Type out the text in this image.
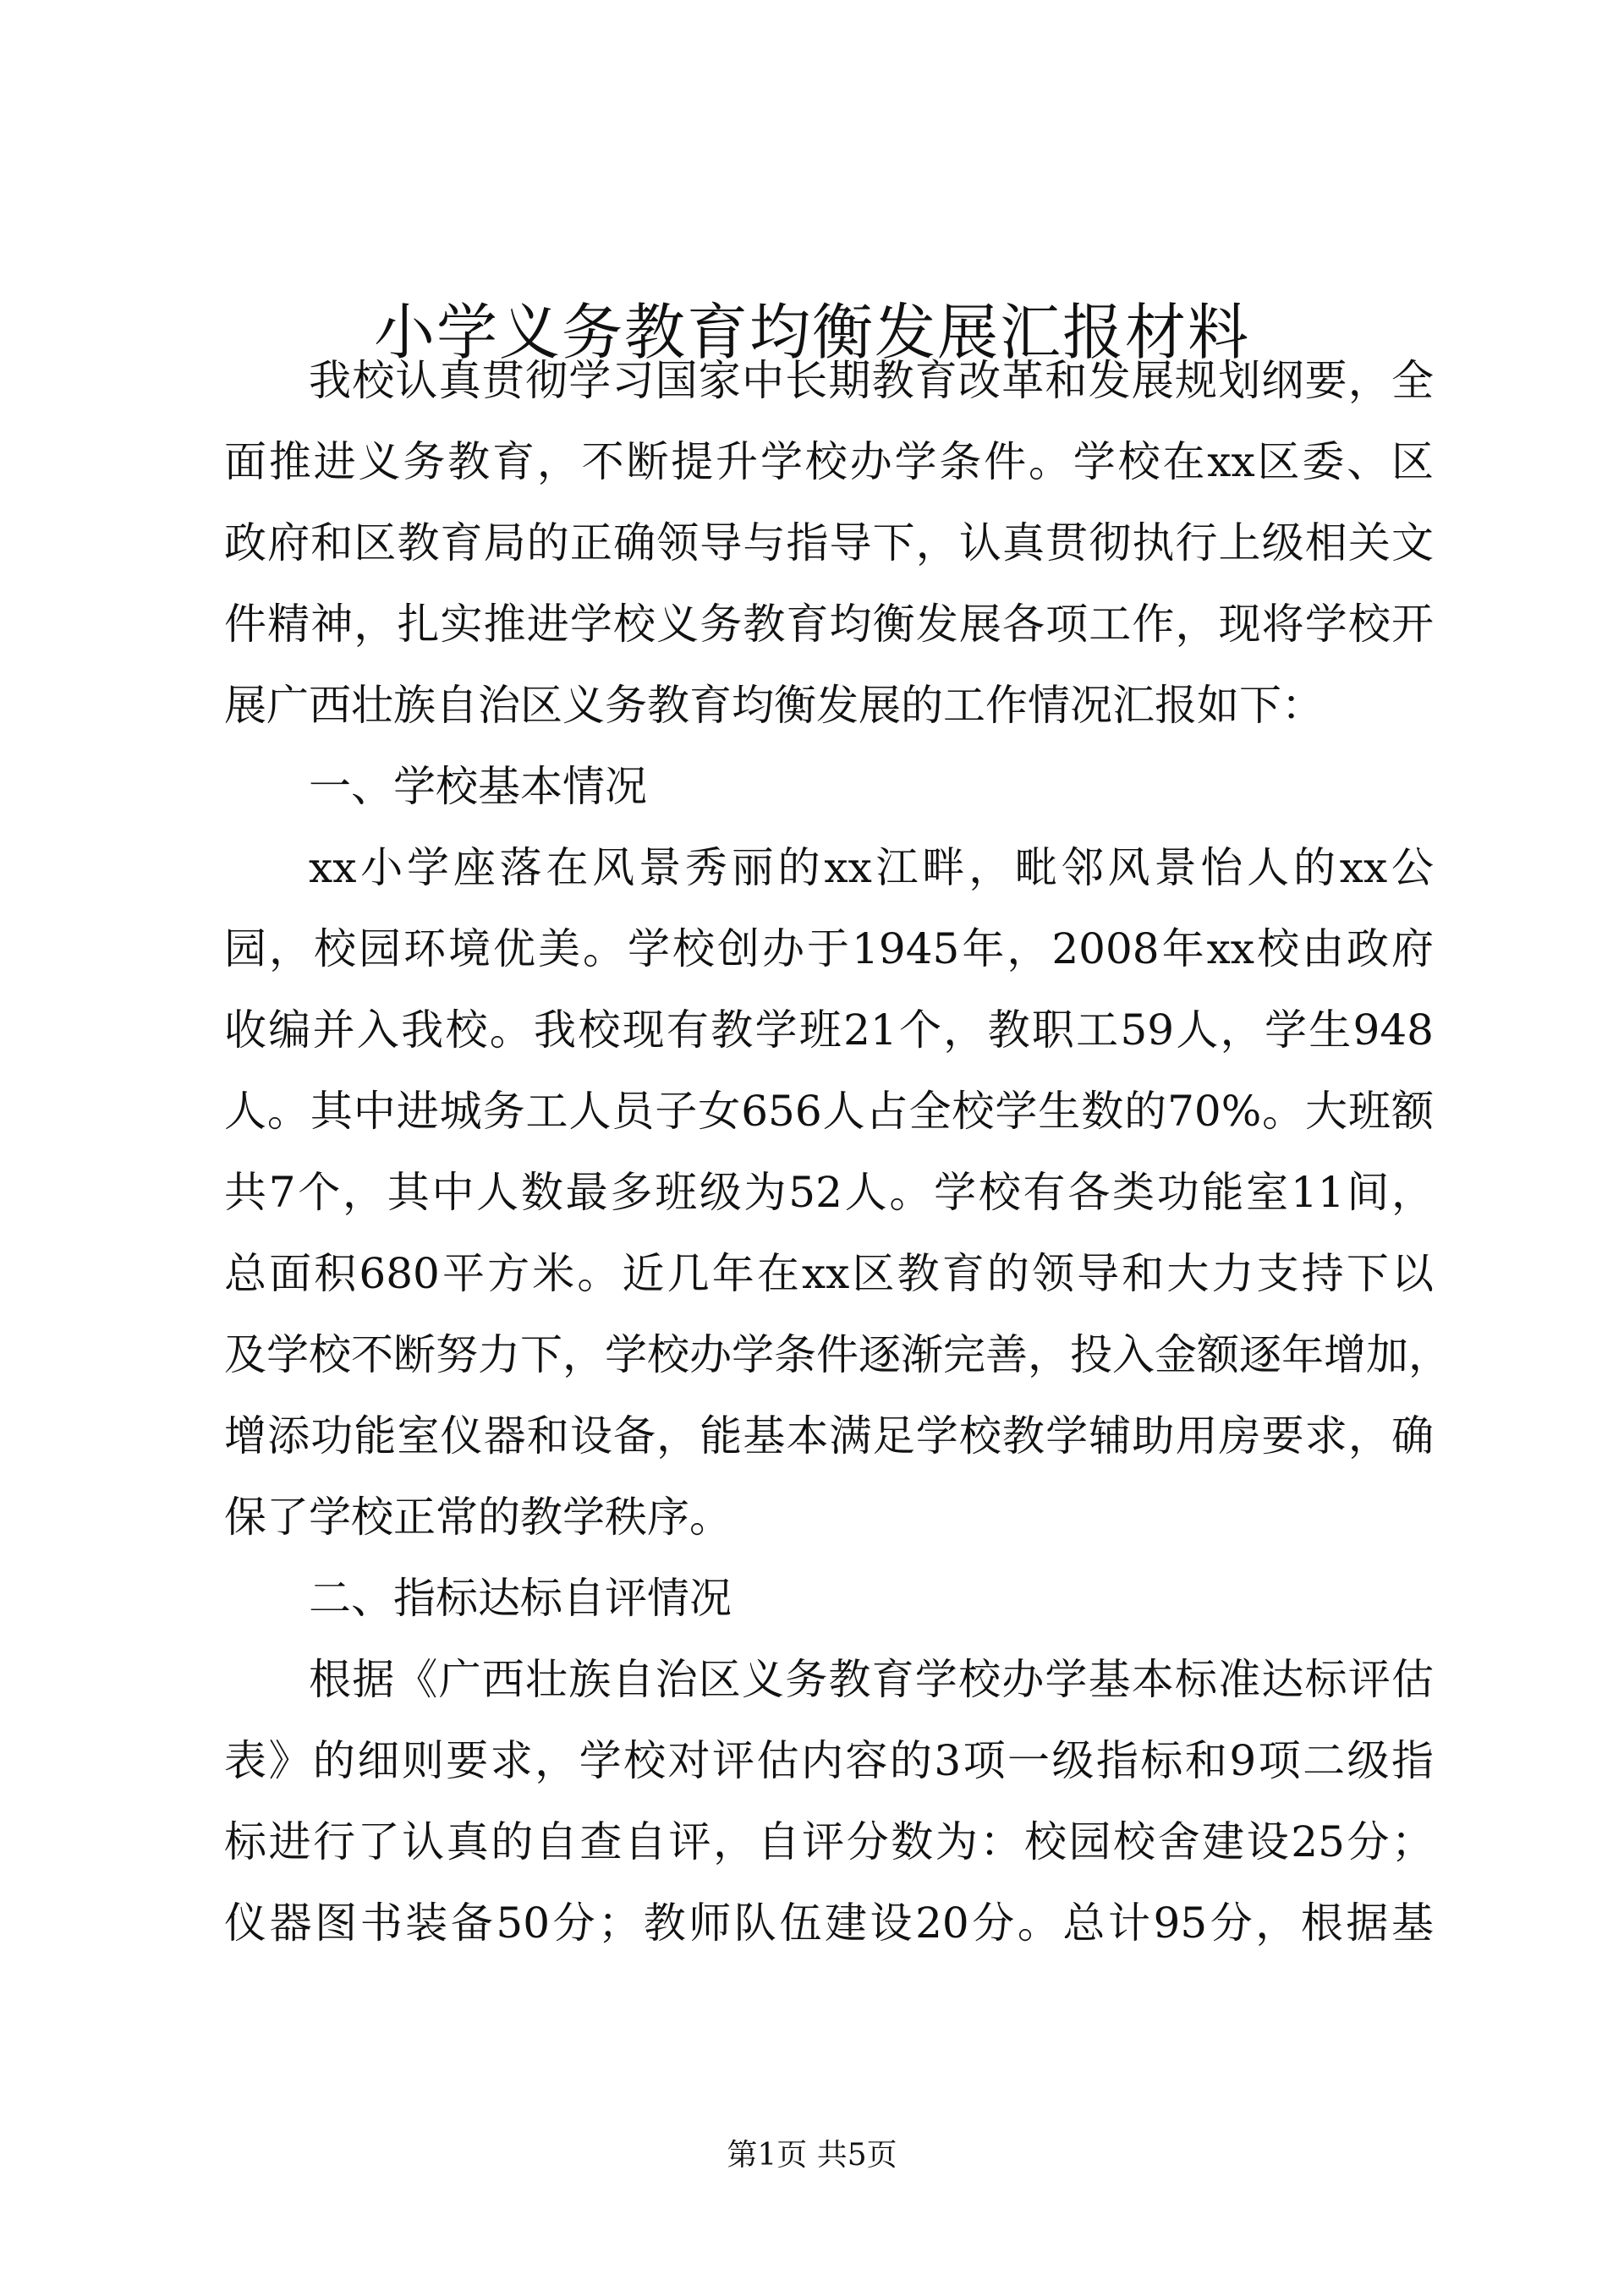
小学义务教育均衡发展汇报材料
我校认真贯彻学习国家中长期教育改革和发展规划纲要，全
面推进义务教育，不断提升学校办学条件。学校在xx区委、区
政府和区教育局的正确领导与指导下，认真贯彻执行上级相关文
件精神，扎实推进学校义务教育均衡发展各项工作，现将学校开
展广西壮族自治区义务教育均衡发展的工作情况汇报如下：
一、学校基本情况
xx小学座落在风景秀丽的xx江畔，毗邻风景怡人的xx公
园，校园环境优美。学校创办于1945年，2008年xx校由政府
收编并入我校。我校现有教学班21个，教职工59人，学生948
人。其中进城务工人员子女656人占全校学生数的70%。大班额
共7个，其中人数最多班级为52人。学校有各类功能室11间，
总面积680平方米。近几年在xx区教育的领导和大力支持下以
及学校不断努力下，学校办学条件逐渐完善，投入金额逐年增加，
增添功能室仪器和设备，能基本满足学校教学辅助用房要求，确
保了学校正常的教学秩序。
二、指标达标自评情况
根据《广西壮族自治区义务教育学校办学基本标准达标评估
表》的细则要求，学校对评估内容的3项一级指标和9项二级指
标进行了认真的自查自评，自评分数为：校园校舍建设25分；
仪器图书装备50分；教师队伍建设20分。总计95分，根据基
第1页 共5页
